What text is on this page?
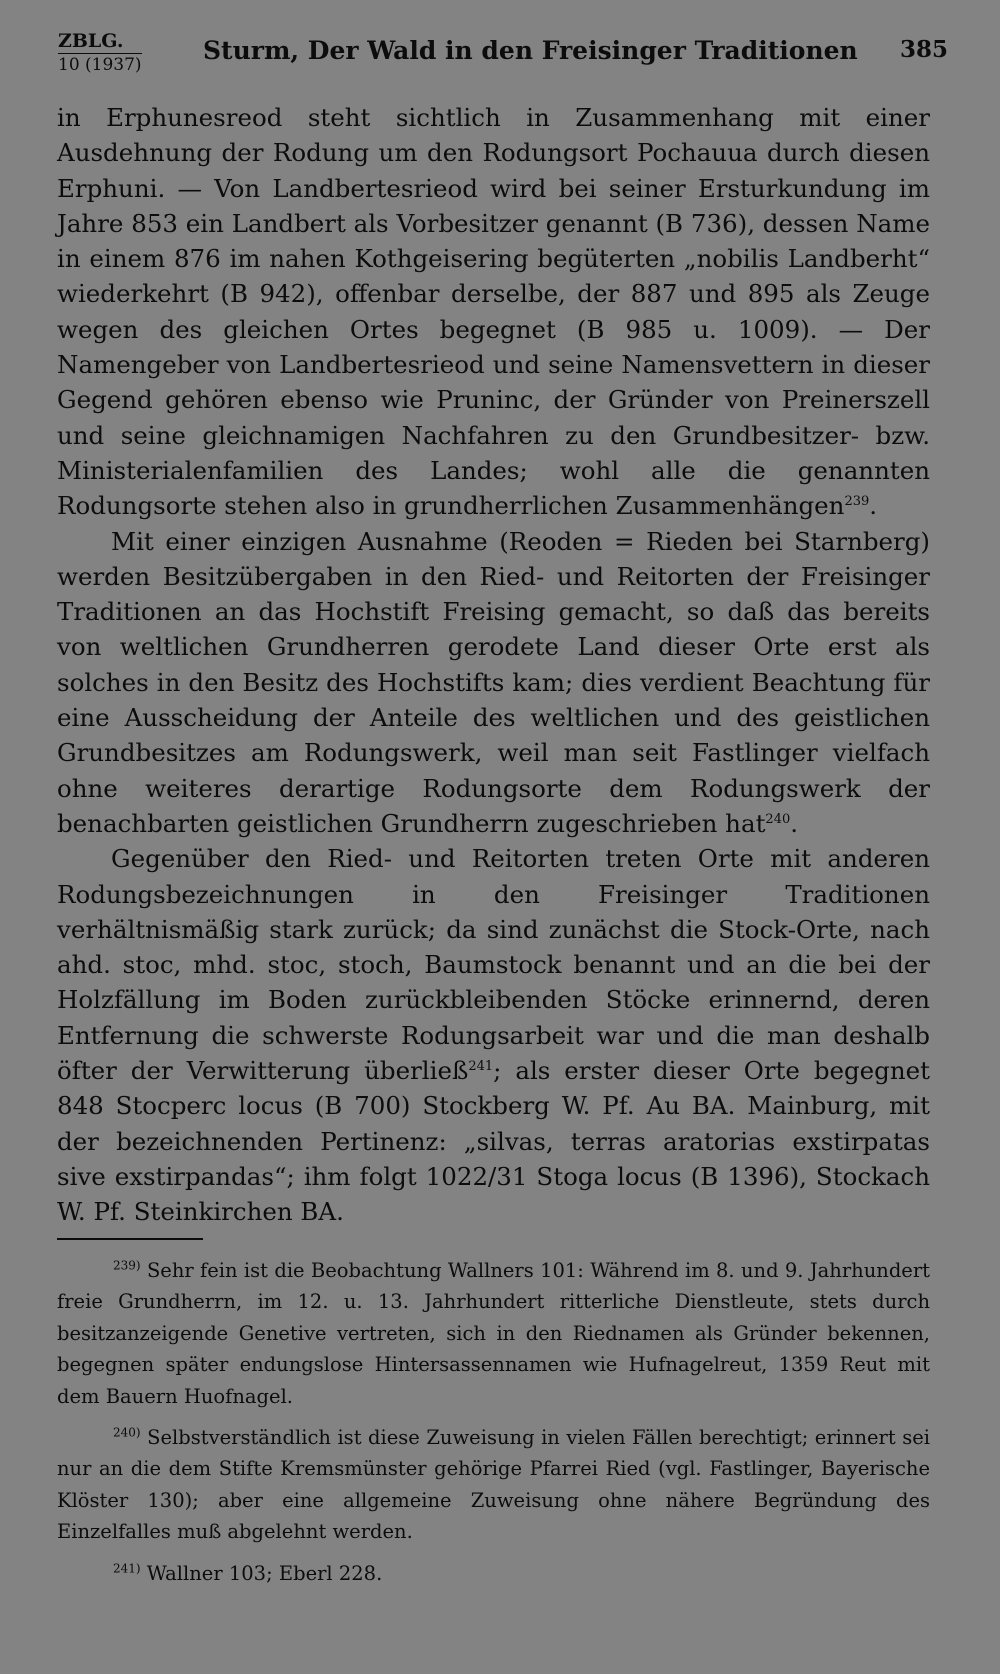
ZBLG.
10 (1937) Sturm, Der Wald in den Freisinger Traditionen 385

in Erphunesreod steht sichtlich in Zusammenhang mit einer Ausdehnung der Rodung um den Rodungsort Pochauua durch diesen Erphuni. — Von Landbertesrieod wird bei seiner Ersturkundung im Jahre 853 ein Landbert als Vorbesitzer genannt (B 736), dessen Name in einem 876 im nahen Kothgeisering begüterten „nobilis Landberht“ wiederkehrt (B 942), offenbar derselbe, der 887 und 895 als Zeuge wegen des gleichen Ortes begegnet (B 985 u. 1009). — Der Namengeber von Landbertesrieod und seine Namensvettern in dieser Gegend gehören ebenso wie Pruninc, der Gründer von Preinerszell und seine gleichnamigen Nachfahren zu den Grundbesitzer- bzw. Ministerialenfamilien des Landes; wohl alle die genannten Rodungsorte stehen also in grundherrlichen Zusammenhängen$^{239}$.

Mit einer einzigen Ausnahme (Reoden = Rieden bei Starnberg) werden Besitzübergaben in den Ried- und Reitorten der Freisinger Traditionen an das Hochstift Freising gemacht, so daß das bereits von weltlichen Grundherren gerodete Land dieser Orte erst als solches in den Besitz des Hochstifts kam; dies verdient Beachtung für eine Ausscheidung der Anteile des weltlichen und des geistlichen Grundbesitzes am Rodungswerk, weil man seit Fastlinger vielfach ohne weiteres derartige Rodungsorte dem Rodungswerk der benachbarten geistlichen Grundherrn zugeschrieben hat$^{240}$.

Gegenüber den Ried- und Reitorten treten Orte mit anderen Rodungsbezeichnungen in den Freisinger Traditionen verhältnismäßig stark zurück; da sind zunächst die Stock-Orte, nach ahd. stoc, mhd. stoc, stoch, Baumstock benannt und an die bei der Holzfällung im Boden zurückbleibenden Stöcke erinnernd, deren Entfernung die schwerste Rodungsarbeit war und die man deshalb öfter der Verwitterung überließ$^{241}$; als erster dieser Orte begegnet 848 Stocperc locus (B 700) Stockberg W. Pf. Au BA. Mainburg, mit der bezeichnenden Pertinenz: „silvas, terras aratorias exstirpatas sive exstirpandas“; ihm folgt 1022/31 Stoga locus (B 1396), Stockach W. Pf. Steinkirchen BA.

$^{239)}$ Sehr fein ist die Beobachtung Wallners 101: Während im 8. und 9. Jahrhundert freie Grundherrn, im 12. u. 13. Jahrhundert ritterliche Dienstleute, stets durch besitzanzeigende Genetive vertreten, sich in den Riednamen als Gründer bekennen, begegnen später endungslose Hintersassennamen wie Hufnagelreut, 1359 Reut mit dem Bauern Huofnagel.

$^{240)}$ Selbstverständlich ist diese Zuweisung in vielen Fällen berechtigt; erinnert sei nur an die dem Stifte Kremsmünster gehörige Pfarrei Ried (vgl. Fastlinger, Bayerische Klöster 130); aber eine allgemeine Zuweisung ohne nähere Begründung des Einzelfalles muß abgelehnt werden.

$^{241)}$ Wallner 103; Eberl 228.
